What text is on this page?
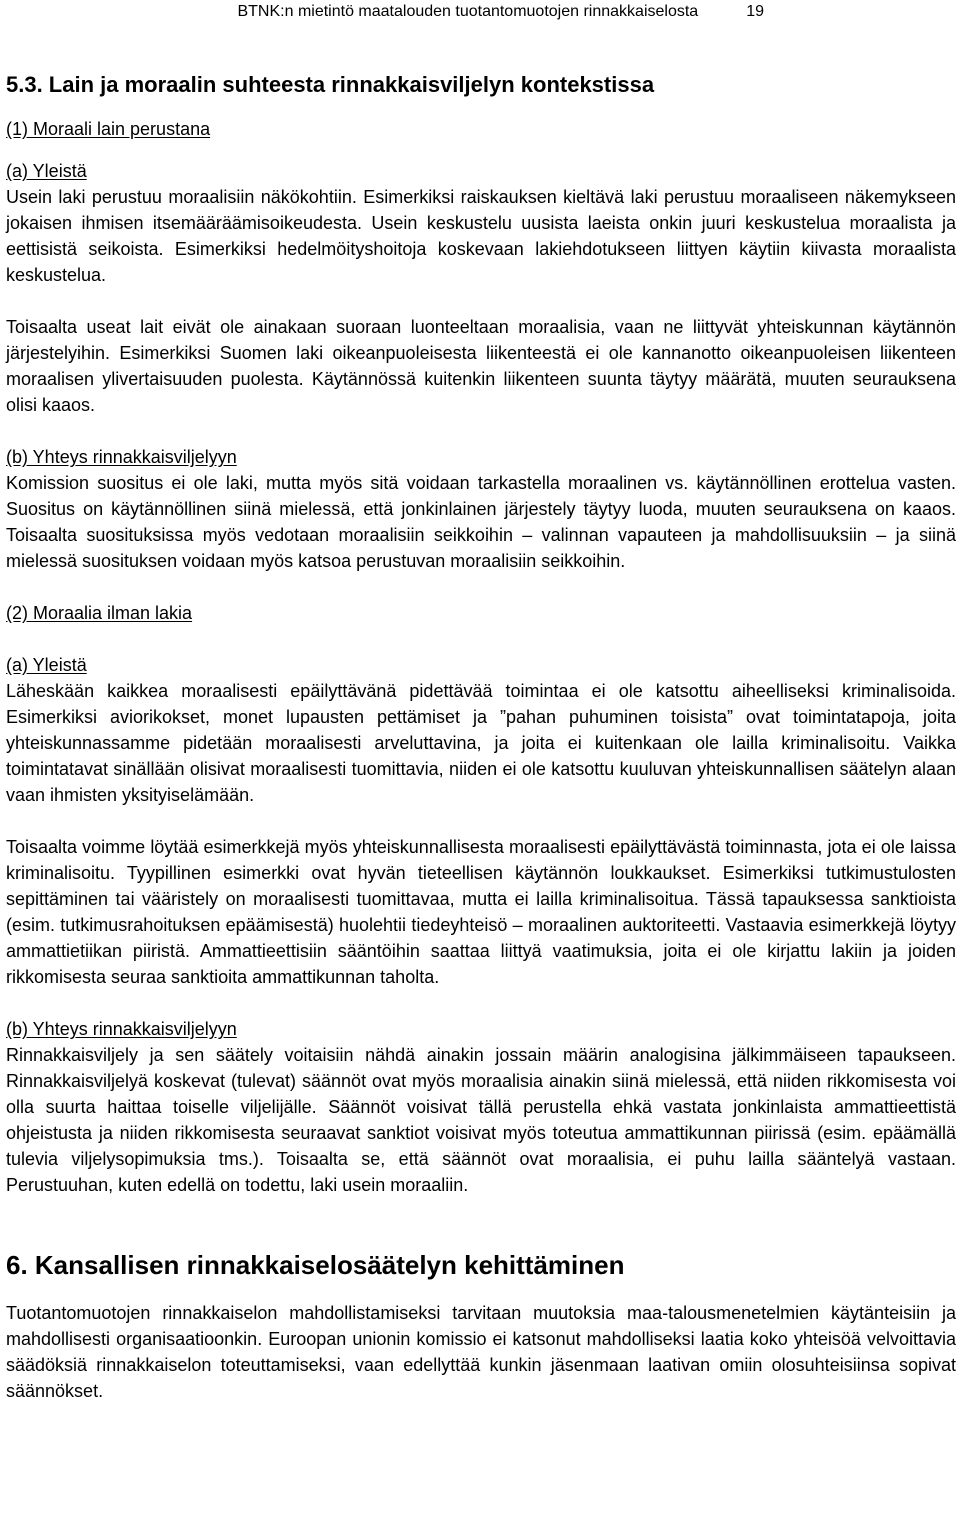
BTNK:n mietintö maatalouden tuotantomuotojen rinnakkaiselosta	19
5.3. Lain ja moraalin suhteesta rinnakkaisviljelyn kontekstissa
(1) Moraali lain perustana
(a) Yleistä

Usein laki perustuu moraalisiin näkökohtiin. Esimerkiksi raiskauksen kieltävä laki perustuu moraaliseen näkemykseen jokaisen ihmisen itsemääräämisoikeudesta. Usein keskustelu uusista laeista onkin juuri keskustelua moraalista ja eettisistä seikoista. Esimerkiksi hedelmöityshoitoja koskevaan lakiehdotukseen liittyen käytiin kiivasta moraalista keskustelua.

Toisaalta useat lait eivät ole ainakaan suoraan luonteeltaan moraalisia, vaan ne liittyvät yhteiskunnan käytännön järjestelyihin. Esimerkiksi Suomen laki oikeanpuoleisesta liikenteestä ei ole kannanotto oikeanpuoleisen liikenteen moraalisen ylivertaisuuden puolesta. Käytännössä kuitenkin liikenteen suunta täytyy määrätä, muuten seurauksena olisi kaaos.

(b) Yhteys rinnakkaisviljelyyn

Komission suositus ei ole laki, mutta myös sitä voidaan tarkastella moraalinen vs. käytännöllinen erottelua vasten. Suositus on käytännöllinen siinä mielessä, että jonkinlainen järjestely täytyy luoda, muuten seurauksena on kaaos. Toisaalta suosituksissa myös vedotaan moraalisiin seikkoihin – valinnan vapauteen ja mahdollisuuksiin – ja siinä mielessä suosituksen voidaan myös katsoa perustuvan moraalisiin seikkoihin.

(2) Moraalia ilman lakia
(a) Yleistä

Läheskään kaikkea moraalisesti epäilyttävänä pidettävää toimintaa ei ole katsottu aiheelliseksi kriminalisoida. Esimerkiksi aviorikokset, monet lupausten pettämiset ja ”pahan puhuminen toisista” ovat toimintatapoja, joita yhteiskunnassamme pidetään moraalisesti arveluttavina, ja joita ei kuitenkaan ole lailla kriminalisoitu. Vaikka toimintatavat sinällään olisivat moraalisesti tuomittavia, niiden ei ole katsottu kuuluvan yhteiskunnallisen säätelyn alaan vaan ihmisten yksityiselämään.

Toisaalta voimme löytää esimerkkejä myös yhteiskunnallisesta moraalisesti epäilyttävästä toiminnasta, jota ei ole laissa kriminalisoitu. Tyypillinen esimerkki ovat hyvän tieteellisen käytännön loukkaukset. Esimerkiksi tutkimustulosten sepittäminen tai vääristely on moraalisesti tuomittavaa, mutta ei lailla kriminalisoitua. Tässä tapauksessa sanktioista (esim. tutkimusrahoituksen epäämisestä) huolehtii tiedeyhteisö – moraalinen auktoriteetti. Vastaavia esimerkkejä löytyy ammattietiikan piiristä. Ammattieettisiin sääntöihin saattaa liittyä vaatimuksia, joita ei ole kirjattu lakiin ja joiden rikkomisesta seuraa sanktioita ammattikunnan taholta.

(b) Yhteys rinnakkaisviljelyyn

Rinnakkaisviljely ja sen säätely voitaisiin nähdä ainakin jossain määrin analogisina jälkimmäiseen tapaukseen. Rinnakkaisviljelyä koskevat (tulevat) säännöt ovat myös moraalisia ainakin siinä mielessä, että niiden rikkomisesta voi olla suurta haittaa toiselle viljelijälle. Säännöt voisivat tällä perustella ehkä vastata jonkinlaista ammattieettistä ohjeistusta ja niiden rikkomisesta seuraavat sanktiot voisivat myös toteutua ammattikunnan piirissä (esim. epäämällä tulevia viljelysopimuksia tms.). Toisaalta se, että säännöt ovat moraalisia, ei puhu lailla sääntelyä vastaan. Perustuuhan, kuten edellä on todettu, laki usein moraaliin.

6. Kansallisen rinnakkaiselosäätelyn kehittäminen

Tuotantomuotojen rinnakkaiselon mahdollistamiseksi tarvitaan muutoksia maa-talousmenetelmien käytänteisiin ja mahdollisesti organisaatioonkin. Euroopan unionin komissio ei katsonut mahdolliseksi laatia koko yhteisöä velvoittavia säädöksiä rinnakkaiselon toteuttamiseksi, vaan edellyttää kunkin jäsenmaan laativan omiin olosuhteisiinsa sopivat säännökset.
